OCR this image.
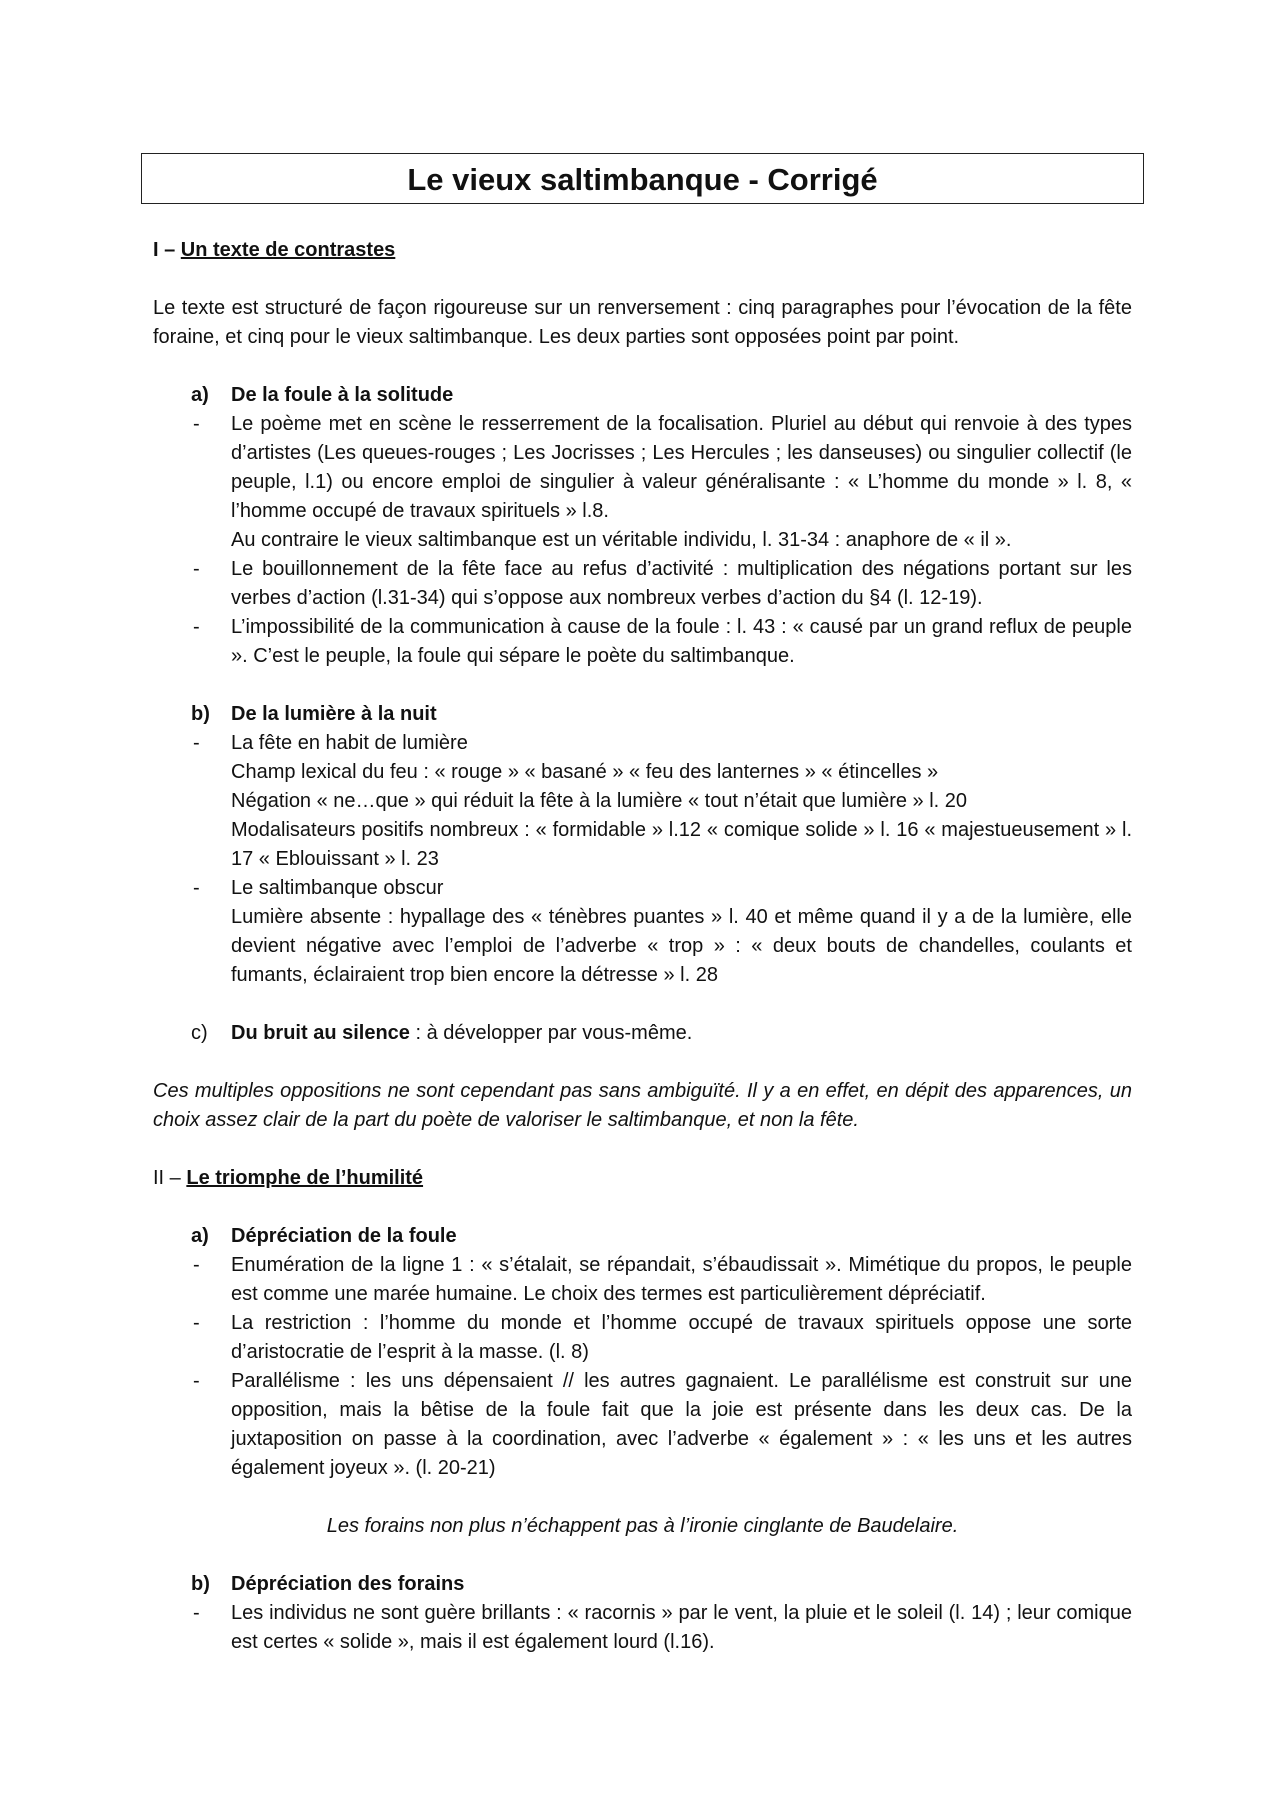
Le vieux saltimbanque - Corrigé
I – Un texte de contrastes
Le texte est structuré de façon rigoureuse sur un renversement : cinq paragraphes pour l’évocation de la fête foraine, et cinq pour le vieux saltimbanque. Les deux parties sont opposées point par point.
a) De la foule à la solitude
- Le poème met en scène le resserrement de la focalisation. Pluriel au début qui renvoie à des types d’artistes (Les queues-rouges ; Les Jocrisses ; Les Hercules ; les danseuses) ou singulier collectif (le peuple, l.1) ou encore emploi de singulier à valeur généralisante : « L’homme du monde » l. 8, « l’homme occupé de travaux spirituels » l.8.

Au contraire le vieux saltimbanque est un véritable individu, l. 31-34 : anaphore de « il ».

- Le bouillonnement de la fête face au refus d’activité : multiplication des négations portant sur les verbes d’action (l.31-34) qui s’oppose aux nombreux verbes d’action du §4 (l. 12-19).
- L’impossibilité de la communication à cause de la foule : l. 43 : « causé par un grand reflux de peuple ». C’est le peuple, la foule qui sépare le poète du saltimbanque.
b) De la lumière à la nuit
- La fête en habit de lumière

Champ lexical du feu : « rouge » « basané » « feu des lanternes » « étincelles »

Négation « ne…que » qui réduit la fête à la lumière « tout n’était que lumière » l. 20

Modalisateurs positifs nombreux : « formidable » l.12 « comique solide » l. 16 « majestueusement » l. 17 « Eblouissant » l. 23

- Le saltimbanque obscur

Lumière absente : hypallage des « ténèbres puantes » l. 40 et même quand il y a de la lumière, elle devient négative avec l’emploi de l’adverbe « trop » : « deux bouts de chandelles, coulants et fumants, éclairaient trop bien encore la détresse » l. 28

c) Du bruit au silence : à développer par vous-même.
Ces multiples oppositions ne sont cependant pas sans ambiguïté. Il y a en effet, en dépit des apparences, un choix assez clair de la part du poète de valoriser le saltimbanque, et non la fête.
II – Le triomphe de l’humilité
a) Dépréciation de la foule
- Enumération de la ligne 1 : « s’étalait, se répandait, s’ébaudissait ». Mimétique du propos, le peuple est comme une marée humaine. Le choix des termes est particulièrement dépréciatif.
- La restriction : l’homme du monde et l’homme occupé de travaux spirituels oppose une sorte d’aristocratie de l’esprit à la masse. (l. 8)
- Parallélisme : les uns dépensaient // les autres gagnaient. Le parallélisme est construit sur une opposition, mais la bêtise de la foule fait que la joie est présente dans les deux cas. De la juxtaposition on passe à la coordination, avec l’adverbe « également » : « les uns et les autres également joyeux ». (l. 20-21)
Les forains non plus n’échappent pas à l’ironie cinglante de Baudelaire.
b) Dépréciation des forains
- Les individus ne sont guère brillants : « racornis » par le vent, la pluie et le soleil (l. 14) ; leur comique est certes « solide », mais il est également lourd (l.16).
